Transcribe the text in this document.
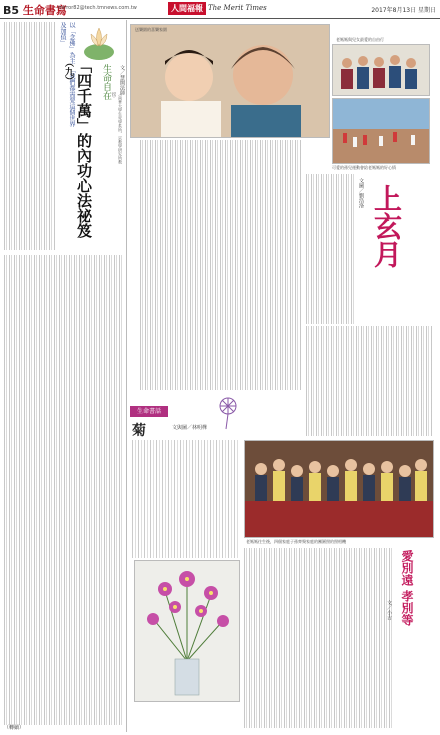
B5 生命書寫
mirror82@tech.tmnews.com.tw	人間福報 The Merit Times	2017年8月13日 星期日
以「念佛」為主　「我們都需要這個世界及加值」
生命自在	文／慧開法師
（南華大學生死學系所、宗教學研究所教授）
「四千萬」的內功心法祕笈（九）
（轉續）
送樂園的喜樂家園
老媽媽與兒女最愛的自由行
可愛的孫兒運動會給老媽媽的好心情
文圖／劉浩洛 上玄月
生命書話
菊	文與圖／林明樺
老媽媽往生後，四個家庭子孫齊聚家庭的團圓照的照相機
愛別遠 孝別等
文／小古
